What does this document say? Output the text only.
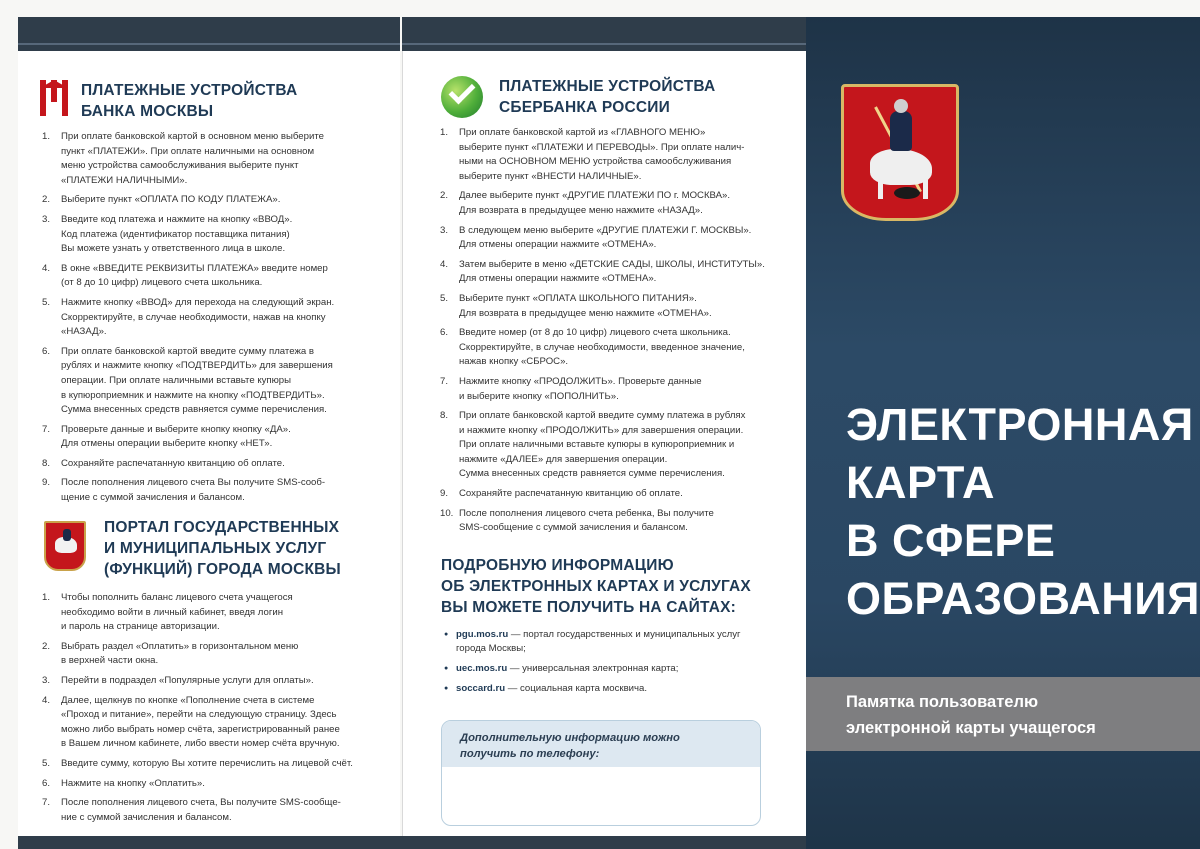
ПЛАТЕЖНЫЕ УСТРОЙСТВА
БАНКА МОСКВЫ
1. При оплате банковской картой в основном меню выберите
пункт «ПЛАТЕЖИ». При оплате наличными на основном
меню устройства самообслуживания выберите пункт
«ПЛАТЕЖИ НАЛИЧНЫМИ».
2. Выберите пункт «ОПЛАТА ПО КОДУ ПЛАТЕЖА».
3. Введите код платежа и нажмите на кнопку «ВВОД».
Код платежа (идентификатор поставщика питания)
Вы можете узнать у ответственного лица в школе.
4. В окне «ВВЕДИТЕ РЕКВИЗИТЫ ПЛАТЕЖА» введите номер
(от 8 до 10 цифр) лицевого счета школьника.
5. Нажмите кнопку «ВВОД» для перехода на следующий экран.
Скорректируйте, в случае необходимости, нажав на кнопку
«НАЗАД».
6. При оплате банковской картой введите сумму платежа в
рублях и нажмите кнопку «ПОДТВЕРДИТЬ» для завершения
операции. При оплате наличными вставьте купюры
в купюроприемник и нажмите на кнопку «ПОДТВЕРДИТЬ».
Сумма внесенных средств равняется сумме перечисления.
7. Проверьте данные и выберите кнопку кнопку «ДА».
Для отмены операции выберите кнопку «НЕТ».
8. Сохраняйте распечатанную квитанцию об оплате.
9. После пополнения лицевого счета Вы получите SMS-сооб-
щение с суммой зачисления и балансом.
ПОРТАЛ ГОСУДАРСТВЕННЫХ
И МУНИЦИПАЛЬНЫХ УСЛУГ
(ФУНКЦИЙ) ГОРОДА МОСКВЫ
1. Чтобы пополнить баланс лицевого счета учащегося
необходимо войти в личный кабинет, введя логин
и пароль на странице авторизации.
2. Выбрать раздел «Оплатить» в горизонтальном меню
в верхней части окна.
3. Перейти в подраздел «Популярные услуги для оплаты».
4. Далее, щелкнув по кнопке «Пополнение счета в системе
«Проход и питание», перейти на следующую страницу. Здесь
можно либо выбрать номер счёта, зарегистрированный ранее
в Вашем личном кабинете, либо ввести номер счёта вручную.
5. Введите сумму, которую Вы хотите перечислить на лицевой счёт.
6. Нажмите на кнопку «Оплатить».
7. После пополнения лицевого счета, Вы получите SMS-сообще-
ние с суммой зачисления и балансом.
ПЛАТЕЖНЫЕ УСТРОЙСТВА
СБЕРБАНКА РОССИИ
1. При оплате банковской картой из «ГЛАВНОГО МЕНЮ»
выберите пункт «ПЛАТЕЖИ И ПЕРЕВОДЫ». При оплате налич-
ными на ОСНОВНОМ МЕНЮ устройства самообслуживания
выберите пункт «ВНЕСТИ НАЛИЧНЫЕ».
2. Далее выберите пункт «ДРУГИЕ ПЛАТЕЖИ ПО г. МОСКВА».
Для возврата в предыдущее меню нажмите «НАЗАД».
3. В следующем меню выберите «ДРУГИЕ ПЛАТЕЖИ Г. МОСКВЫ».
Для отмены операции нажмите «ОТМЕНА».
4. Затем выберите в меню «ДЕТСКИЕ САДЫ, ШКОЛЫ, ИНСТИТУТЫ».
Для отмены операции нажмите «ОТМЕНА».
5. Выберите пункт «ОПЛАТА ШКОЛЬНОГО ПИТАНИЯ».
Для возврата в предыдущее меню нажмите «ОТМЕНА».
6. Введите номер (от 8 до 10 цифр) лицевого счета школьника.
Скорректируйте, в случае необходимости, введенное значение,
нажав кнопку «СБРОС».
7. Нажмите кнопку «ПРОДОЛЖИТЬ». Проверьте данные
и выберите кнопку «ПОПОЛНИТЬ».
8. При оплате банковской картой введите сумму платежа в рублях
и нажмите кнопку «ПРОДОЛЖИТЬ» для завершения операции.
При оплате наличными вставьте купюры в купюроприемник и
нажмите «ДАЛЕЕ» для завершения операции.
Сумма внесенных средств равняется сумме перечисления.
9. Сохраняйте распечатанную квитанцию об оплате.
10. После пополнения лицевого счета ребенка, Вы получите
SMS-сообщение с суммой зачисления и балансом.
ПОДРОБНУЮ ИНФОРМАЦИЮ
ОБ ЭЛЕКТРОННЫХ КАРТАХ И УСЛУГАХ
ВЫ МОЖЕТЕ ПОЛУЧИТЬ НА САЙТАХ:
● pgu.mos.ru — портал государственных и муниципальных услуг
города Москвы;
● uec.mos.ru — универсальная электронная карта;
● soccard.ru — социальная карта москвича.
Дополнительную информацию можно
получить по телефону:
ЭЛЕКТРОННАЯ
КАРТА
В СФЕРЕ
ОБРАЗОВАНИЯ
Памятка пользователю
электронной карты учащегося
